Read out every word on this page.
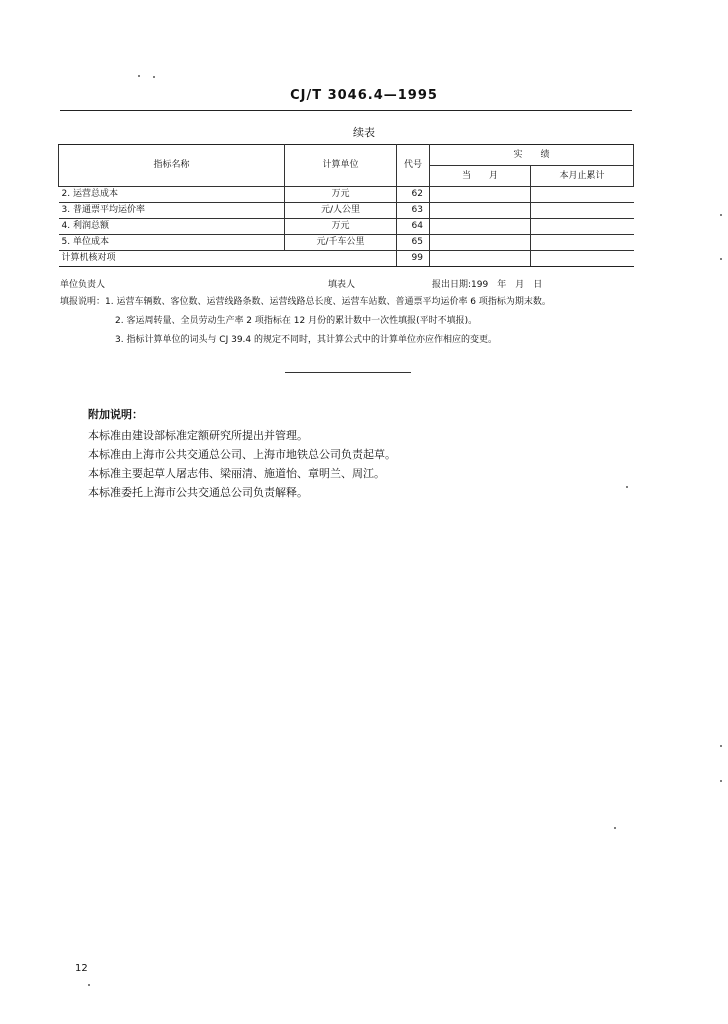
CJ/T 3046.4—1995
续表
指标名称	计算单位	代号	实　　绩	
			当　　月	本月止累计
2. 运营总成本	万元	62		
3. 普通票平均运价率	元/人公里	63		
4. 利润总额	万元	64		
5. 单位成本	元/千车公里	65		
计算机核对项		99		
单位负责人	填表人	报出日期:199　年　月　日
填报说明：1. 运营车辆数、客位数、运营线路条数、运营线路总长度、运营车站数、普通票平均运价率 6 项指标为期末数。
2. 客运周转量、全员劳动生产率 2 项指标在 12 月份的累计数中一次性填报(平时不填报)。
3. 指标计算单位的词头与 CJ 39.4 的规定不同时，其计算公式中的计算单位亦应作相应的变更。
附加说明：
本标准由建设部标准定额研究所提出并管理。
本标准由上海市公共交通总公司、上海市地铁总公司负责起草。
本标准主要起草人屠志伟、梁丽清、施道怡、章明兰、周江。
本标准委托上海市公共交通总公司负责解释。
12
